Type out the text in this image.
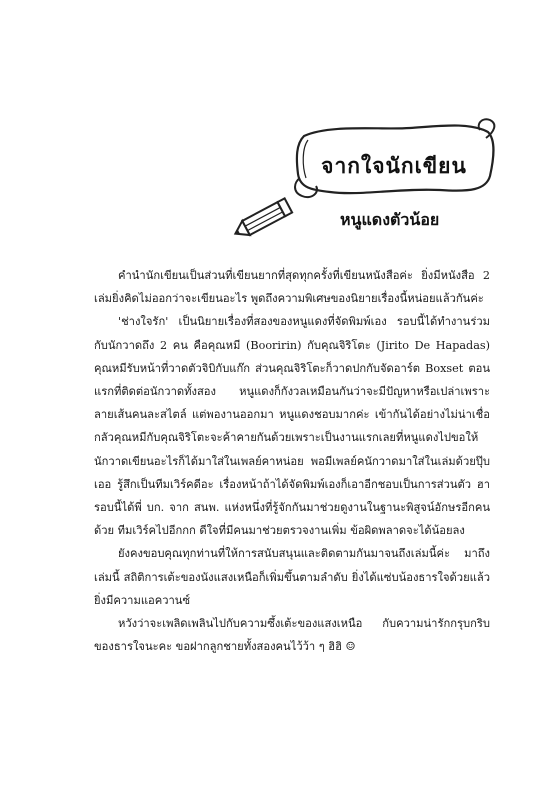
จากใจนักเขียน
หนูแดงตัวน้อย

คำนำนักเขียนเป็นส่วนที่เขียนยากที่สุดทุกครั้งที่เขียนหนังสือค่ะ ยิ่งมีหนังสือ 2 เล่มยิ่งคิดไม่ออกว่าจะเขียนอะไร พูดถึงความพิเศษของนิยายเรื่องนี้หน่อยแล้วกันค่ะ

'ช่างใจรัก' เป็นนิยายเรื่องที่สองของหนูแดงที่จัดพิมพ์เอง รอบนี้ได้ทำงานร่วมกับนักวาดถึง 2 คน คือคุณหมี (Booririn) กับคุณจิริโตะ (Jirito De Hapadas) คุณหมีรับหน้าที่วาดตัวจิบิกับแก๊ก ส่วนคุณจิริโตะก็วาดปกกับจัดอาร์ต Boxset ตอนแรกที่ติดต่อนักวาดทั้งสอง หนูแดงก็กังวลเหมือนกันว่าจะมีปัญหาหรือเปล่าเพราะลายเส้นคนละสไตล์ แต่พองานออกมา หนูแดงชอบมากค่ะ เข้ากันได้อย่างไม่น่าเชื่อ กลัวคุณหมีกับคุณจิริโตะจะค้าคายกันด้วยเพราะเป็นงานแรกเลยที่หนูแดงไปขอให้นักวาดเขียนอะไรก็ได้มาใส่ในเพลย์คาหน่อย พอมีเพลย์คนักวาดมาใส่ในเล่มด้วยปุ๊บ เออ รู้สึกเป็นทีมเวิร์คดีอะ เรื่องหน้าถ้าได้จัดพิมพ์เองก็เอาอีกชอบเป็นการส่วนตัว ฮา รอบนี้ได้พี่ บก. จาก สนพ. แห่งหนึ่งที่รู้จักกันมาช่วยดูงานในฐานะพิสูจน์อักษรอีกคนด้วย ทีมเวิร์คไปอีกกก ดีใจที่มีคนมาช่วยตรวจงานเพิ่ม ข้อผิดพลาดจะได้น้อยลง

ยังคงขอบคุณทุกท่านที่ให้การสนับสนุนและติดตามกันมาจนถึงเล่มนี้ค่ะ มาถึงเล่มนี้ สถิติการเต้ะของนังแสงเหนือก็เพิ่มขึ้นตามลำดับ ยิ่งได้แซ่บน้องธารใจด้วยแล้ว ยิ่งมีความแอควานซ์

หวังว่าจะเพลิดเพลินไปกับความซึ้งเต้ะของแสงเหนือ กับความน่ารักกรุบกริบของธารใจนะคะ ขอฝากลูกชายทั้งสองคนไว้ว้า ๆ ฮิฮิ ☺
